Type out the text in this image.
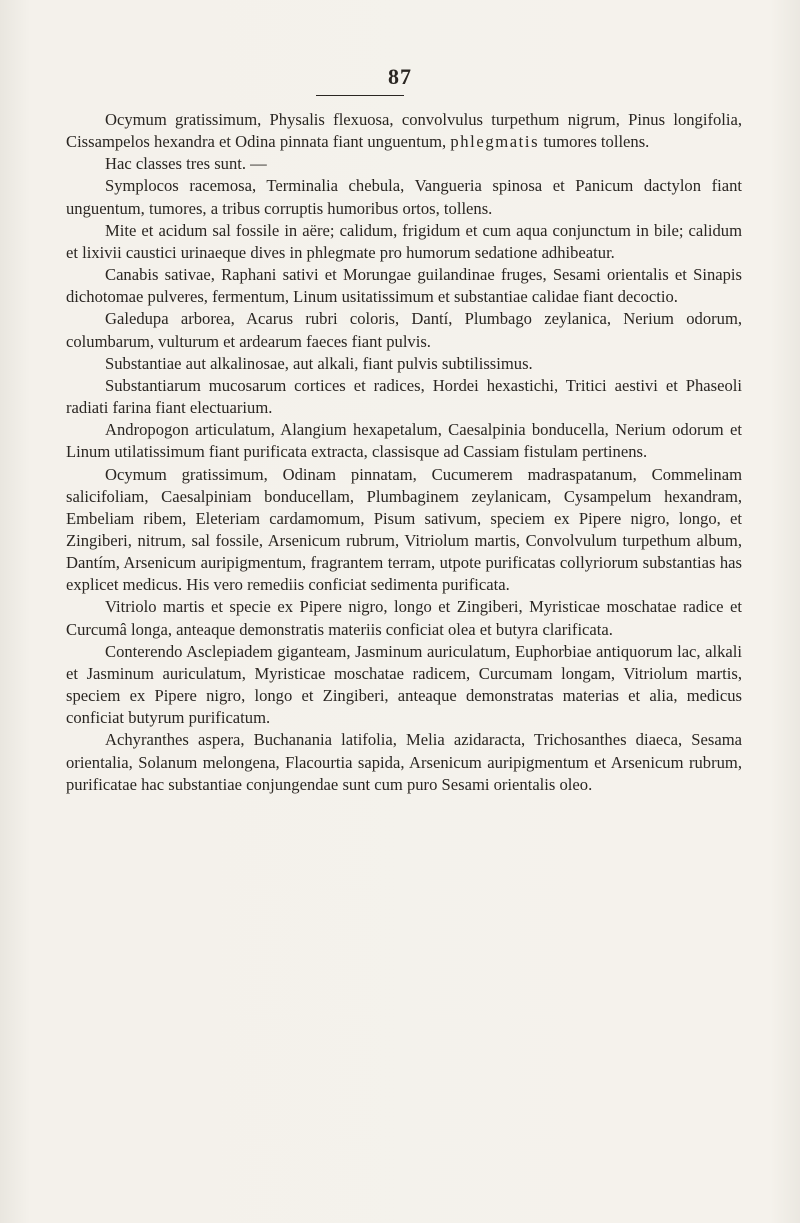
87

Ocymum gratissimum, Physalis flexuosa, convolvulus turpethum nigrum, Pinus longifolia, Cissampelos hexandra et Odina pinnata fiant unguentum, phlegmatis tumores tollens.

Hac classes tres sunt. —

Symplocos racemosa, Terminalia chebula, Vangueria spinosa et Panicum dactylon fiant unguentum, tumores, a tribus corruptis humoribus ortos, tollens.

Mite et acidum sal fossile in aëre; calidum, frigidum et cum aqua conjunctum in bile; calidum et lixivii caustici urinaeque dives in phlegmate pro humorum sedatione adhibeatur.

Canabis sativae, Raphani sativi et Morungae guilandinae fruges, Sesami orientalis et Sinapis dichotomae pulveres, fermentum, Linum usitatissimum et substantiae calidae fiant decoctio.

Galedupa arborea, Acarus rubri coloris, Dantí, Plumbago zeylanica, Nerium odorum, columbarum, vulturum et ardearum faeces fiant pulvis.

Substantiae aut alkalinosae, aut alkali, fiant pulvis subtilissimus.

Substantiarum mucosarum cortices et radices, Hordei hexastichi, Tritici aestivi et Phaseoli radiati farina fiant electuarium.

Andropogon articulatum, Alangium hexapetalum, Caesalpinia bonducella, Nerium odorum et Linum utilatissimum fiant purificata extracta, classisque ad Cassiam fistulam pertinens.

Ocymum gratissimum, Odinam pinnatam, Cucumerem madraspatanum, Commelinam salicifoliam, Caesalpiniam bonducellam, Plumbaginem zeylanicam, Cysampelum hexandram, Embeliam ribem, Eleteriam cardamomum, Pisum sativum, speciem ex Pipere nigro, longo, et Zingiberi, nitrum, sal fossile, Arsenicum rubrum, Vitriolum martis, Convolvulum turpethum album, Dantím, Arsenicum auripigmentum, fragrantem terram, utpote purificatas collyriorum substantias has explicet medicus. His vero remediis conficiat sedimenta purificata.

Vitriolo martis et specie ex Pipere nigro, longo et Zingiberi, Myristicae moschatae radice et Curcumâ longa, anteaque demonstratis materiis conficiat olea et butyra clarificata.

Conterendo Asclepiadem giganteam, Jasminum auriculatum, Euphorbiae antiquorum lac, alkali et Jasminum auriculatum, Myristicae moschatae radicem, Curcumam longam, Vitriolum martis, speciem ex Pipere nigro, longo et Zingiberi, anteaque demonstratas materias et alia, medicus conficiat butyrum purificatum.

Achyranthes aspera, Buchanania latifolia, Melia azidaracta, Trichosanthes diaeca, Sesama orientalia, Solanum melongena, Flacourtia sapida, Arsenicum auripigmentum et Arsenicum rubrum, purificatae hac substantiae conjungendae sunt cum puro Sesami orientalis oleo.
